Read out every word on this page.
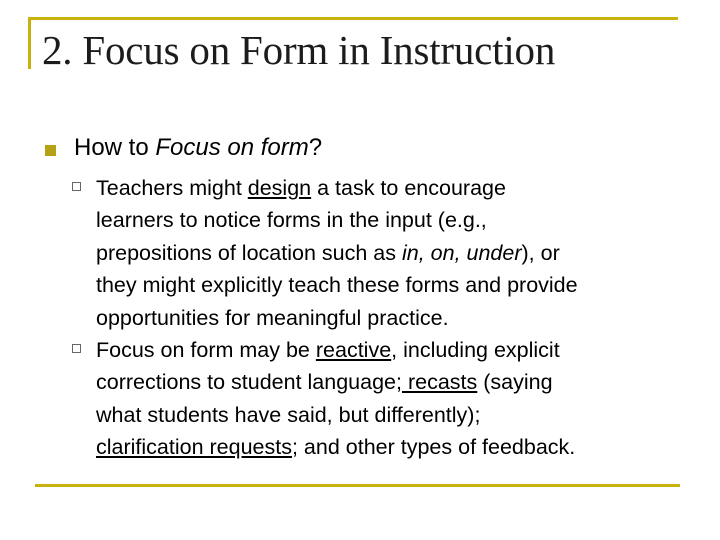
2. Focus on Form in Instruction
How to Focus on form?
Teachers might design a task to encourage
learners to notice forms in the input (e.g.,
prepositions of location such as in, on, under), or
they might explicitly teach these forms and provide
opportunities for meaningful practice.
Focus on form may be reactive, including explicit
corrections to student language; recasts (saying
what students have said, but differently);
clarification requests; and other types of feedback.
